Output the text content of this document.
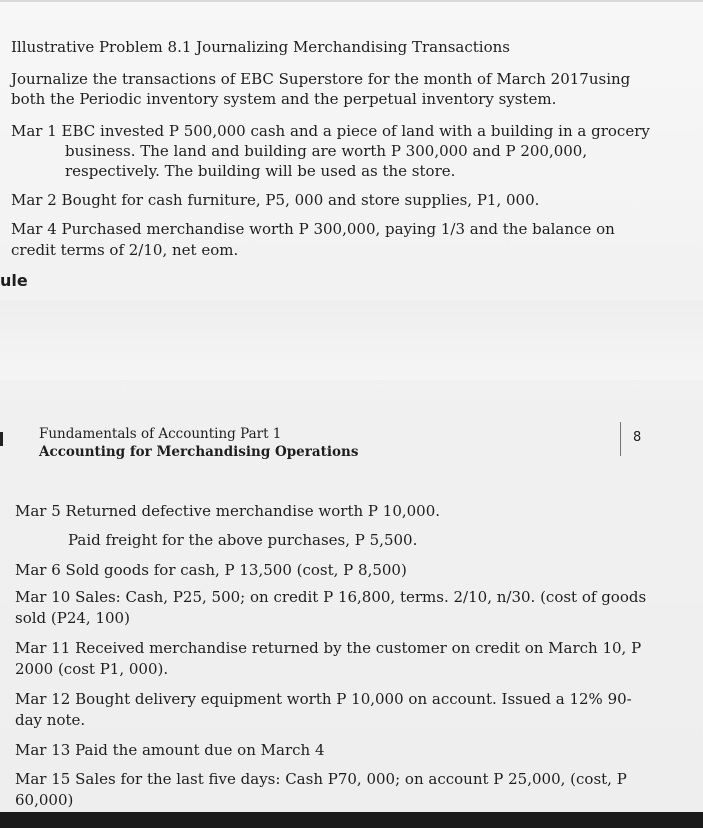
Illustrative Problem 8.1 Journalizing Merchandising Transactions
Journalize the transactions of EBC Superstore for the month of March 2017using
both the Periodic inventory system and the perpetual inventory system.
Mar 1 EBC invested P 500,000 cash and a piece of land with a building in a grocery
business. The land and building are worth P 300,000 and P 200,000,
respectively. The building will be used as the store.
Mar 2 Bought for cash furniture, P5, 000 and store supplies, P1, 000.
Mar 4 Purchased merchandise worth P 300,000, paying 1/3 and the balance on
credit terms of 2/10, net eom.
ule
Fundamentals of Accounting Part 1
Accounting for Merchandising Operations
8
Mar 5 Returned defective merchandise worth P 10,000.
Paid freight for the above purchases, P 5,500.
Mar 6 Sold goods for cash, P 13,500 (cost, P 8,500)
Mar 10 Sales: Cash, P25, 500; on credit P 16,800, terms. 2/10, n/30. (cost of goods
sold (P24, 100)
Mar 11 Received merchandise returned by the customer on credit on March 10, P
2000 (cost P1, 000).
Mar 12 Bought delivery equipment worth P 10,000 on account. Issued a 12% 90-
day note.
Mar 13 Paid the amount due on March 4
Mar 15 Sales for the last five days: Cash P70, 000; on account P 25,000, (cost, P
60,000)
